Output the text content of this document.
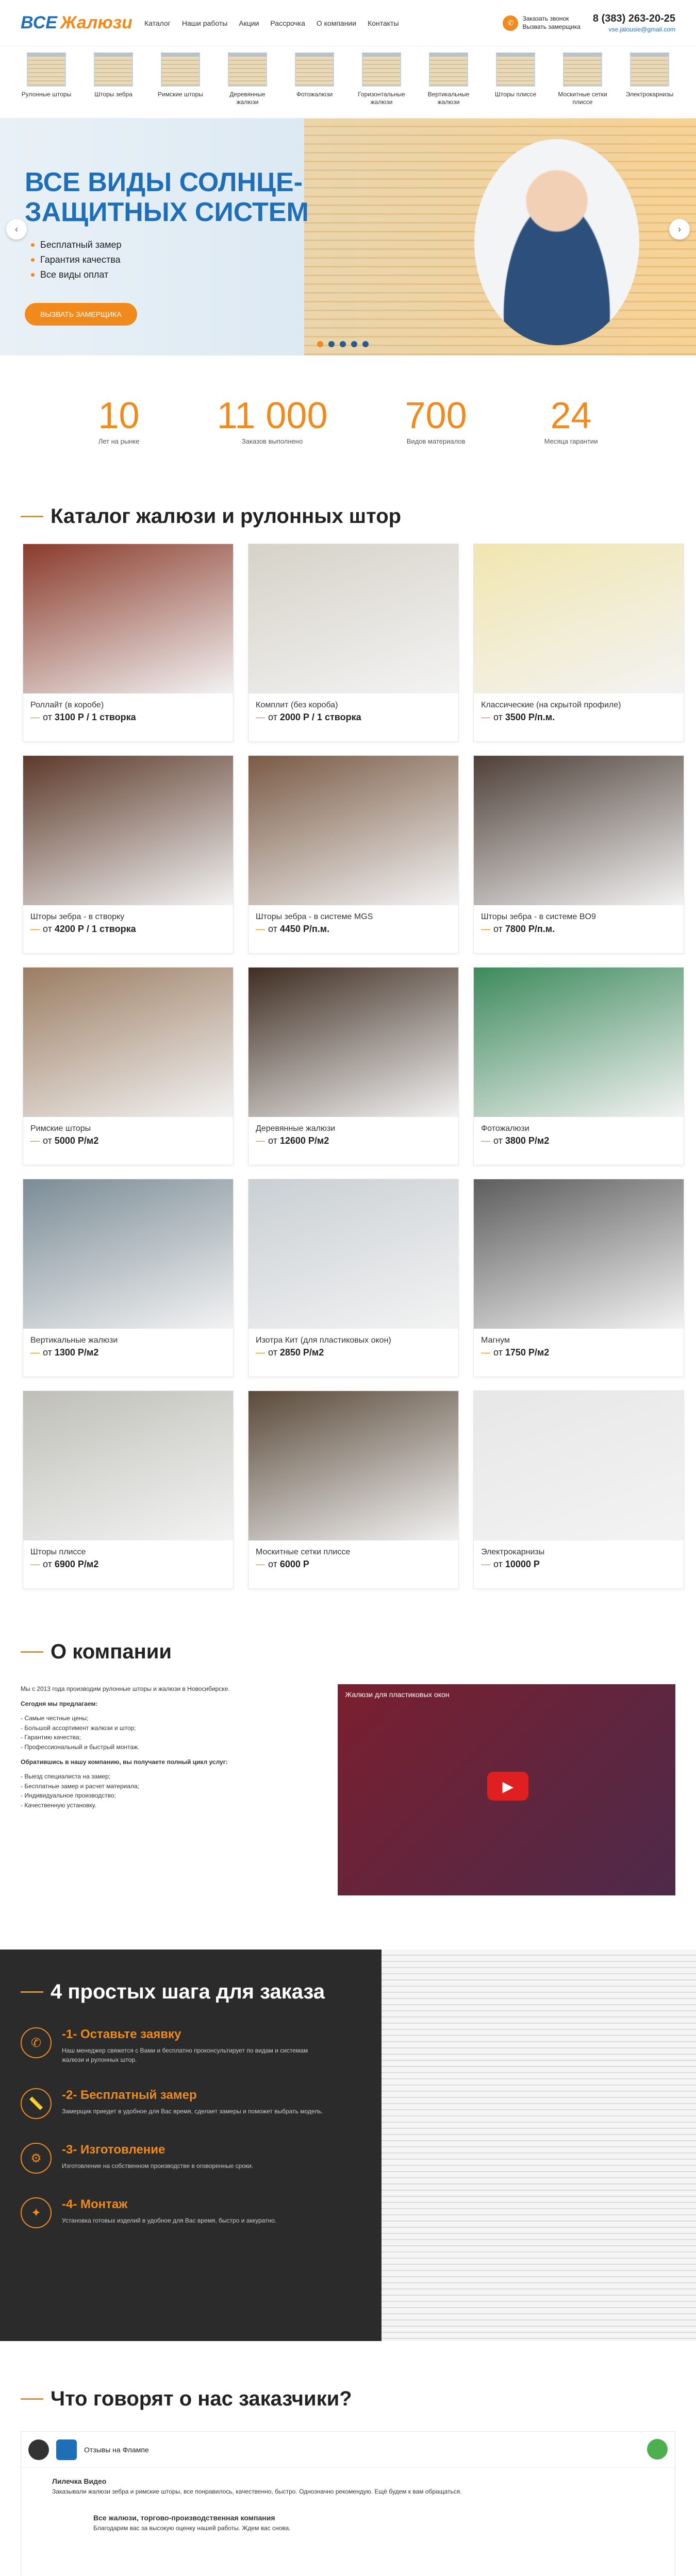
ВСЕ Жалюзи Каталог Наши работы Акции Рассрочка О компании Контакты	✆
Заказать звонок
Вызвать замерщика
8 (383) 263-20-25
vse.jalousie@gmail.com
Рулонные шторы	Шторы зебра	Римские шторы	Деревянные жалюзи
Фотожалюзи	Горизонтальные жалюзи
Вертикальные жалюзи
Шторы плиссе	Москитные сетки плиссе
Электрокарнизы
ВСЕ ВИДЫ СОЛНЦЕ-ЗАЩИТНЫХ СИСТЕМ
Бесплатный замер
Гарантия качества
Все виды оплат
ВЫЗВАТЬ ЗАМЕРЩИКА
‹	›
10
Лет на рынке
11 000
Заказов выполнено
700
Видов материалов
24
Месяца гарантии
Каталог жалюзи и рулонных штор
Роллайт (в коробе)
— от 3100 Р / 1 створка
Комплит (без короба)
— от 2000 Р / 1 створка
Классические (на скрытой профиле)
— от 3500 Р/п.м.
Шторы зебра - в створку
— от 4200 Р / 1 створка
Шторы зебра - в системе MGS
— от 4450 Р/п.м.
Шторы зебра - в системе BO9
— от 7800 Р/п.м.
Римские шторы
— от 5000 Р/м2
Деревянные жалюзи
— от 12600 Р/м2
Фотожалюзи
— от 3800 Р/м2
Вертикальные жалюзи
— от 1300 Р/м2
Изотра Кит (для пластиковых окон)
— от 2850 Р/м2
Магнум
— от 1750 Р/м2
Шторы плиссе
— от 6900 Р/м2
Москитные сетки плиссе
— от 6000 Р
Электрокарнизы
— от 10000 Р
О компании

Мы с 2013 года производим рулонные шторы и жалюзи в Новосибирске.

Сегодня мы предлагаем:

- Самые честные цены;
- Большой ассортимент жалюзи и штор;
- Гарантию качества;
- Профессиональный и быстрый монтаж.

Обратившись в нашу компанию, вы получаете полный цикл услуг:

- Выезд специалиста на замер;
- Бесплатные замер и расчет материала;
- Индивидуальное производство;
- Качественную установку.

Жалюзи для пластиковых окон
▶
4 простых шага для заказа
✆
-1- Оставьте заявку

Наш менеджер свяжется с Вами и бесплатно проконсультирует по видам и системам жалюзи и рулонных штор.

📏
-2- Бесплатный замер

Замерщик приедет в удобное для Вас время, сделает замеры и поможет выбрать модель.

⚙
-3- Изготовление

Изготовление на собственном производстве в оговоренные сроки.

✦
-4- Монтаж

Установка готовых изделий в удобное для Вас время, быстро и аккуратно.

Что говорят о нас заказчики?
Отзывы на Флампе
Лилечка Видео
Заказывали жалюзи зебра и римские шторы, все понравилось, качественно, быстро. Однозначно рекомендую. Ещё будем к вам обращаться.
Все жалюзи, торгово-производственная компания
Благодарим вас за высокую оценку нашей работы. Ждем вас снова.
